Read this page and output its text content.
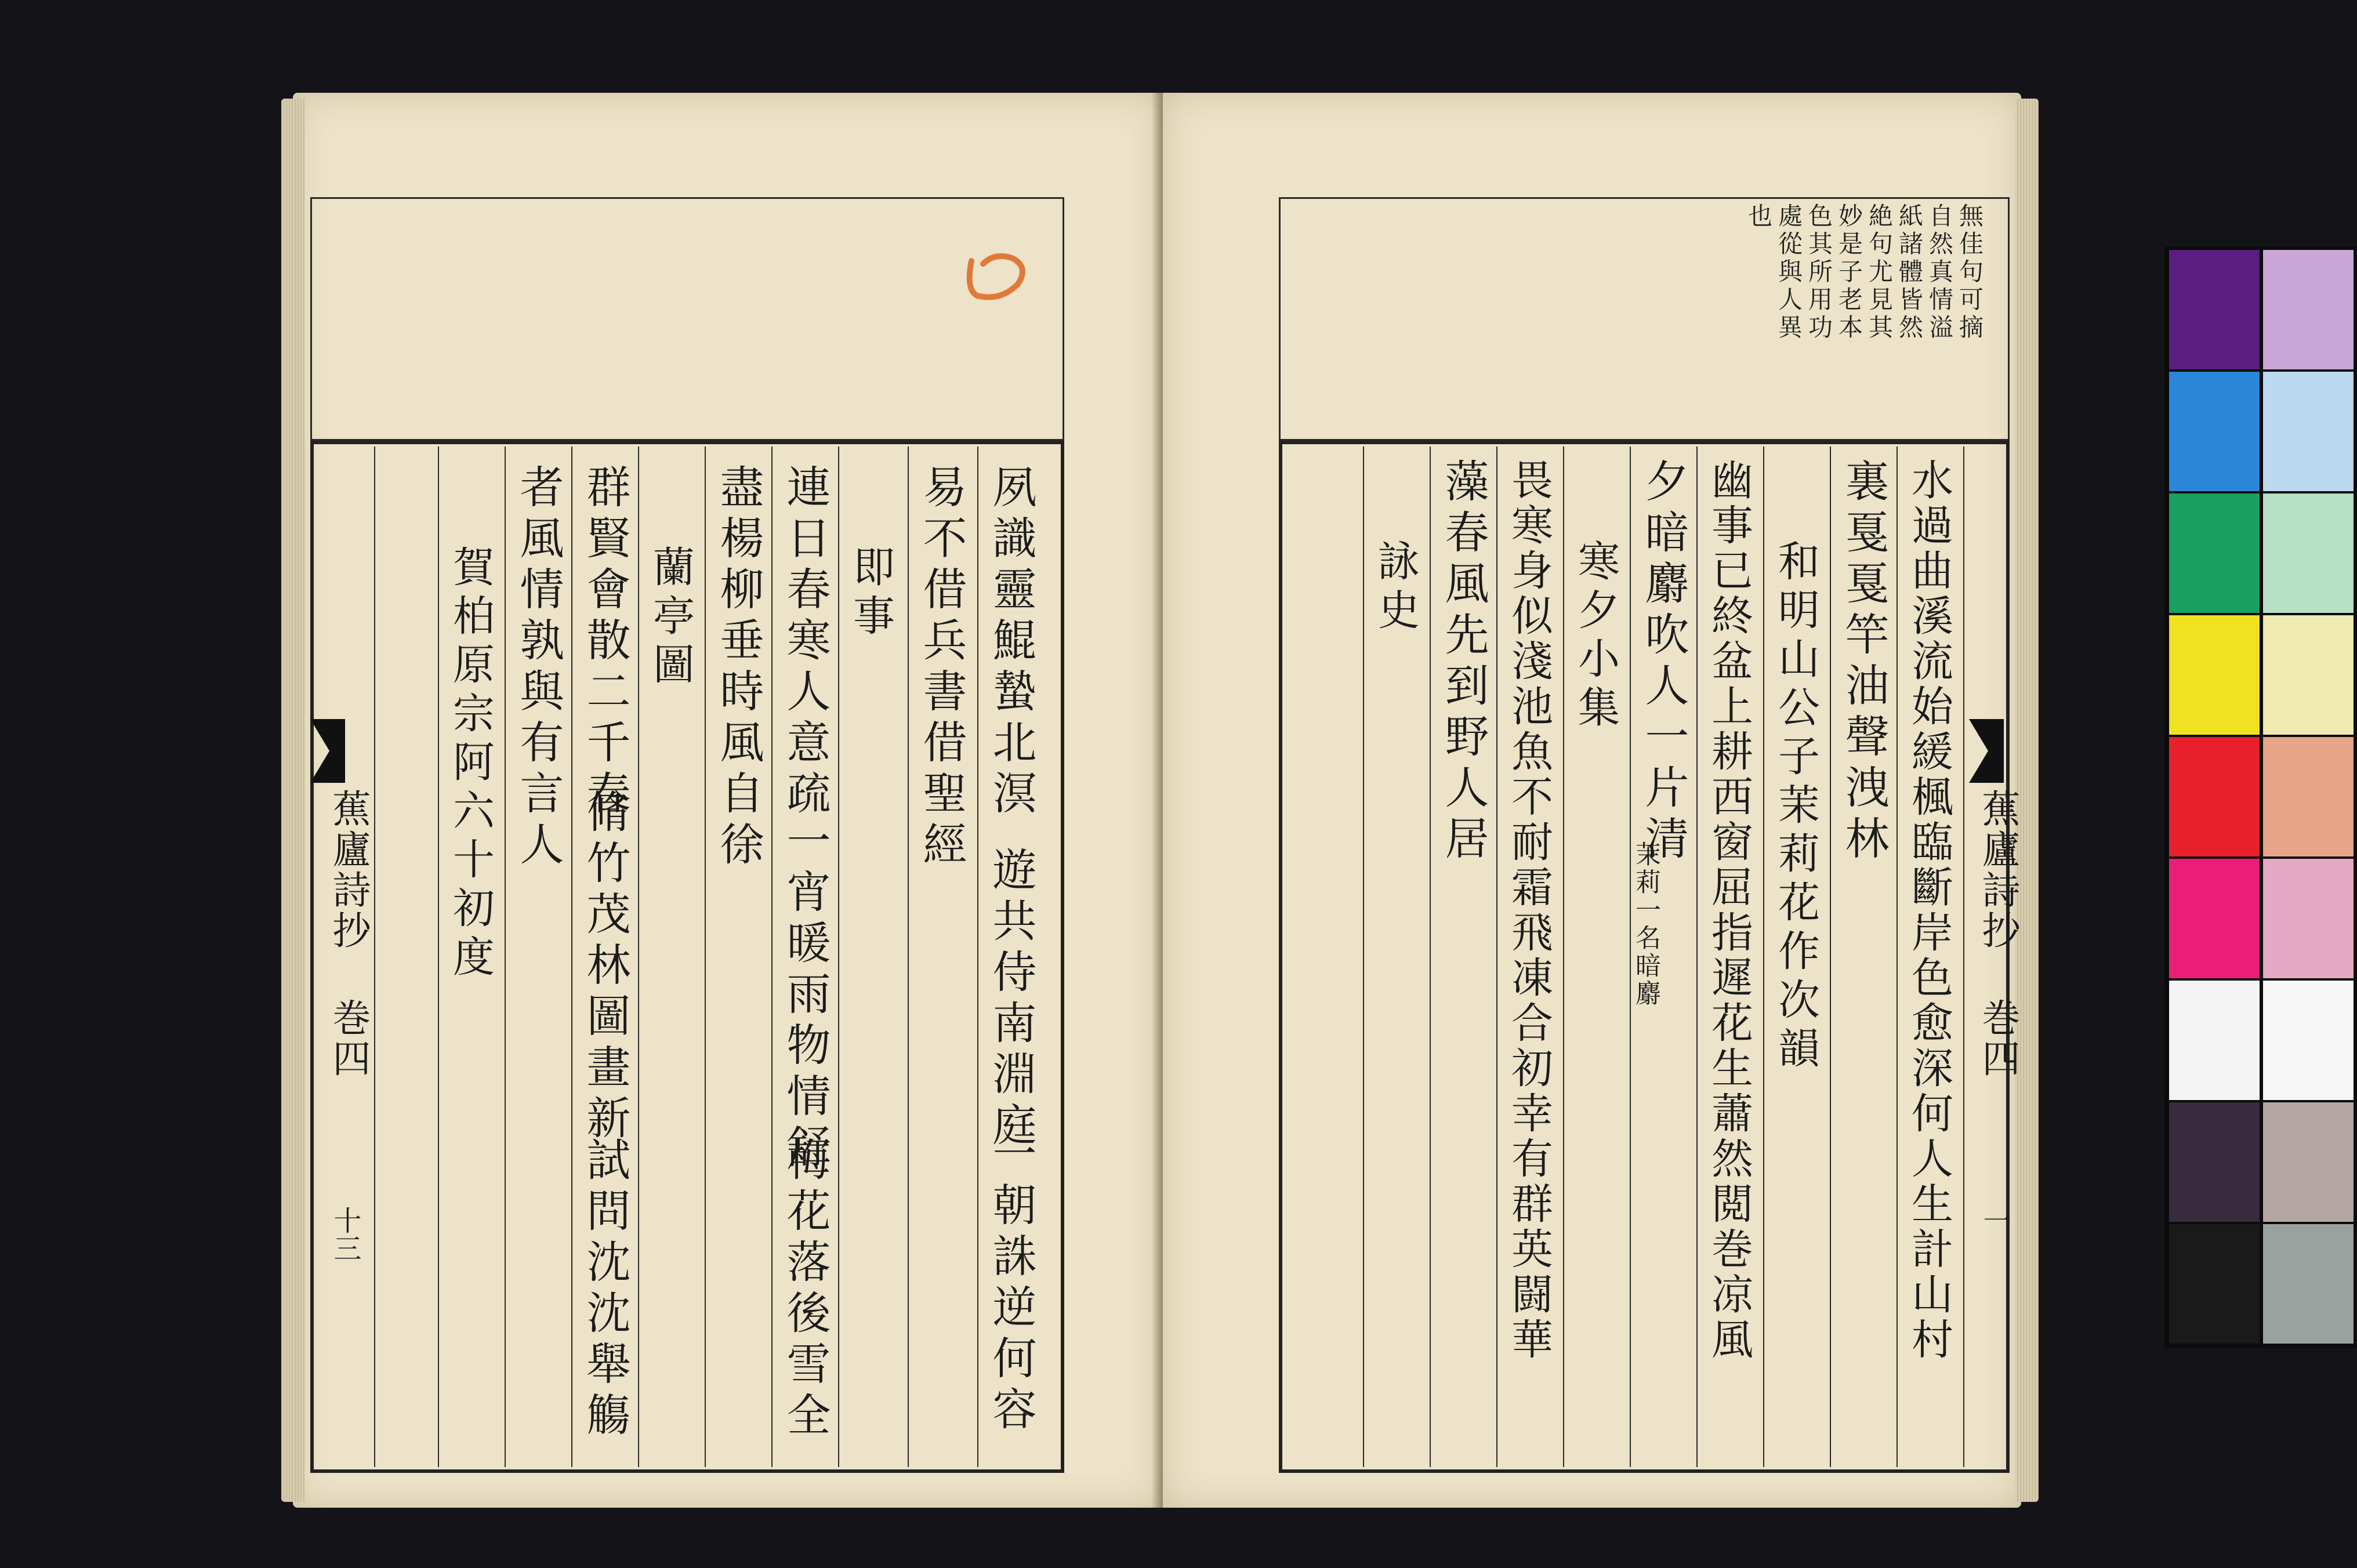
蕉廬詩抄 巻四
十三
夙識靈鯤蟄北溟
遊共侍南淵庭
一朝誅逆何容
易不借兵書借聖經
即事
連日春寒人意疏
一宵暖雨物情舒
梅花落後雪全
盡楊柳垂時風自徐
蘭亭圖
群賢會散二千春
脩竹茂林圖畫新
試問沈沈舉觴
者風情孰與有言人
賀柏原宗阿六十初度
無佳句可摘
自然真情溢
紙諸體皆然
絶句尤見其
妙是子老本
色其所用功
處從與人異
也
蕉廬詩抄 巻四
一
水過曲溪流始緩楓臨斷岸色愈深何人生計山村
裏戛戛竿油聲洩林
和明山公子茉莉花作次韻
幽事已終盆上耕西窗屈指遲花生蕭然閲巻凉風
夕暗麝吹人一片清
茉莉一名暗麝
寒夕小集
畏寒身似淺池魚不耐霜飛凍合初幸有群英闘華
藻春風先到野人居
詠史
